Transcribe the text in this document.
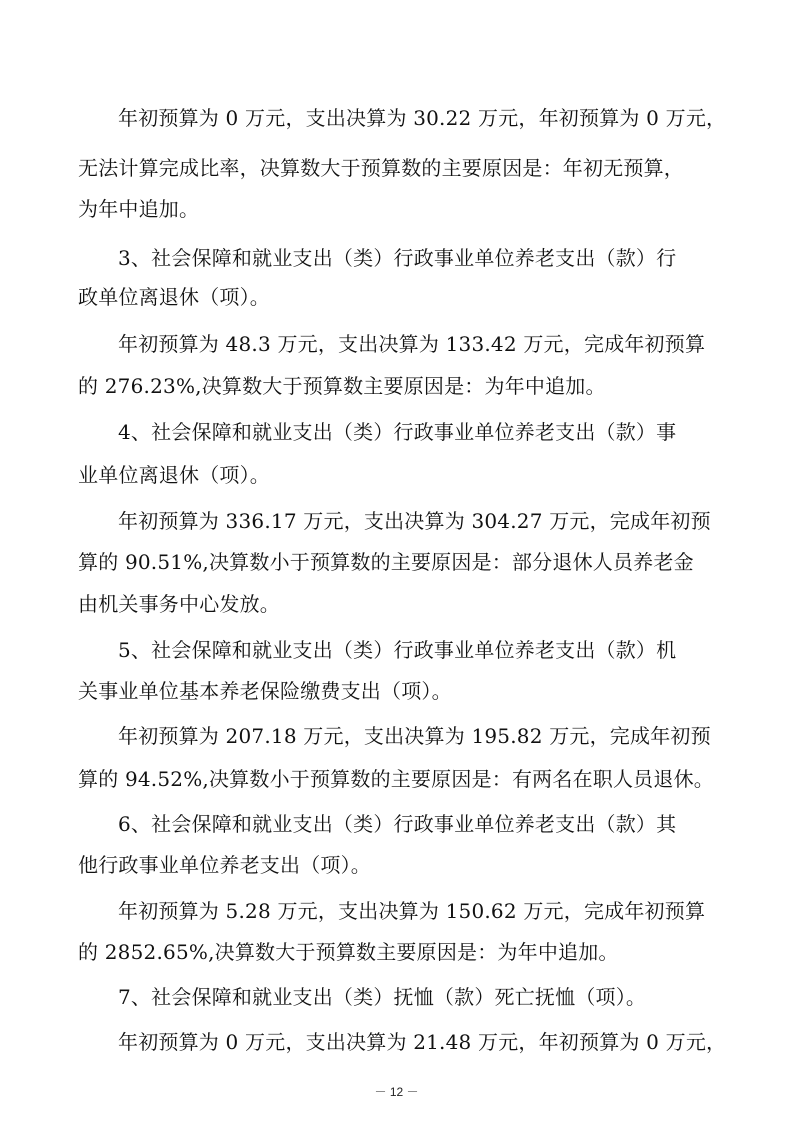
年初预算为 0 万元，支出决算为 30.22 万元，年初预算为 0 万元，
无法计算完成比率，决算数大于预算数的主要原因是：年初无预算，
为年中追加。
3、社会保障和就业支出（类）行政事业单位养老支出（款）行
政单位离退休（项）。
年初预算为 48.3 万元，支出决算为 133.42 万元，完成年初预算
的 276.23%,决算数大于预算数主要原因是：为年中追加。
4、社会保障和就业支出（类）行政事业单位养老支出（款）事
业单位离退休（项）。
年初预算为 336.17 万元，支出决算为 304.27 万元，完成年初预
算的 90.51%,决算数小于预算数的主要原因是：部分退休人员养老金
由机关事务中心发放。
5、社会保障和就业支出（类）行政事业单位养老支出（款）机
关事业单位基本养老保险缴费支出（项）。
年初预算为 207.18 万元，支出决算为 195.82 万元，完成年初预
算的 94.52%,决算数小于预算数的主要原因是：有两名在职人员退休。
6、社会保障和就业支出（类）行政事业单位养老支出（款）其
他行政事业单位养老支出（项）。
年初预算为 5.28 万元，支出决算为 150.62 万元，完成年初预算
的 2852.65%,决算数大于预算数主要原因是：为年中追加。
7、社会保障和就业支出（类）抚恤（款）死亡抚恤（项）。
年初预算为 0 万元，支出决算为 21.48 万元，年初预算为 0 万元，
－ 12 －
